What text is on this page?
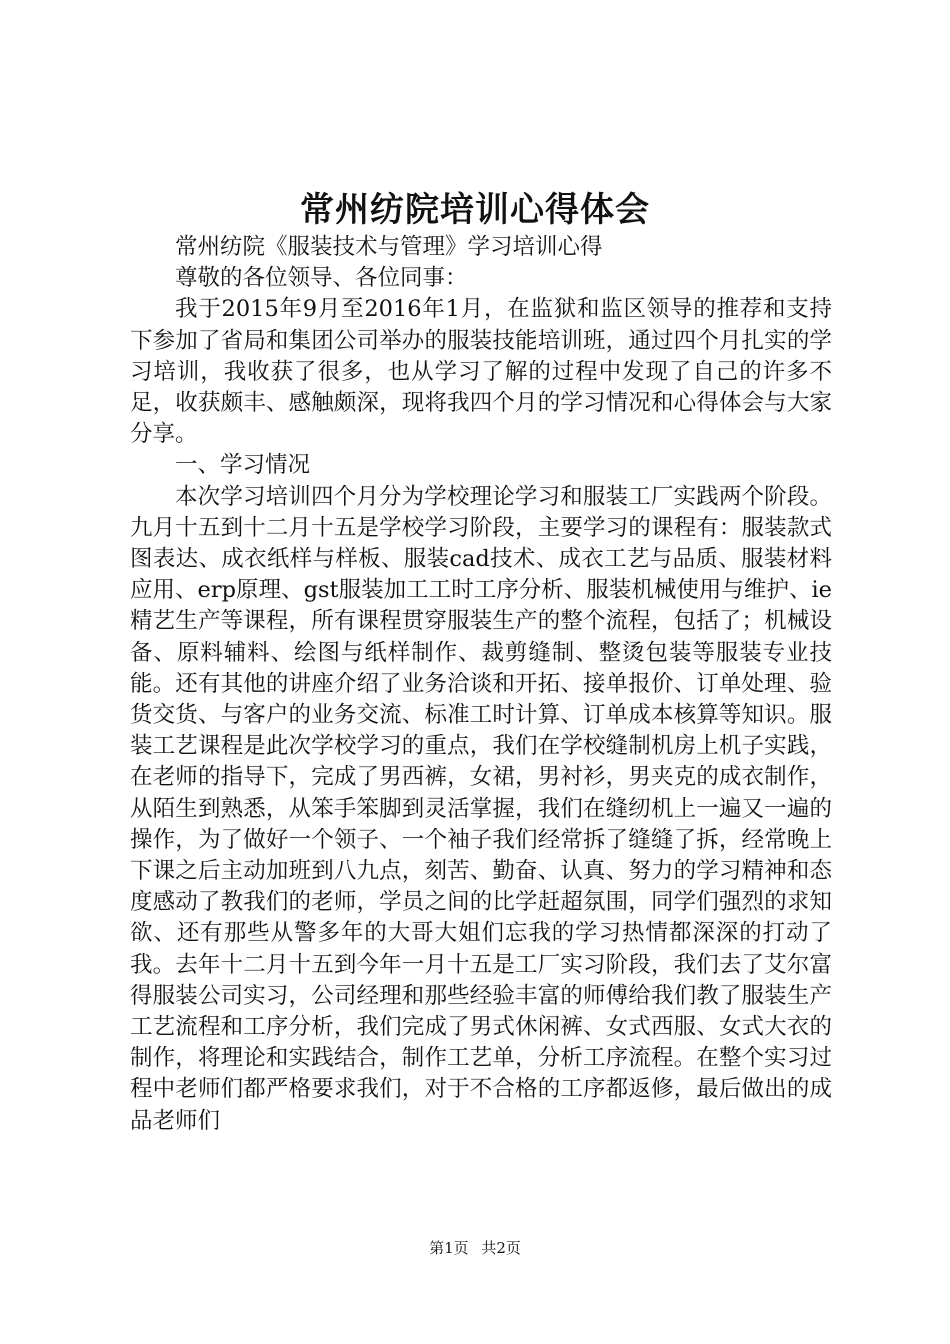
常州纺院培训心得体会

常州纺院《服装技术与管理》学习培训心得

尊敬的各位领导、各位同事：

我于2015年9月至2016年1月，在监狱和监区领导的推荐和支持下参加了省局和集团公司举办的服装技能培训班，通过四个月扎实的学习培训，我收获了很多，也从学习了解的过程中发现了自己的许多不足，收获颇丰、感触颇深，现将我四个月的学习情况和心得体会与大家分享。

一、学习情况

本次学习培训四个月分为学校理论学习和服装工厂实践两个阶段。九月十五到十二月十五是学校学习阶段，主要学习的课程有：服装款式图表达、成衣纸样与样板、服装cad技术、成衣工艺与品质、服装材料应用、erp原理、gst服装加工工时工序分析、服装机械使用与维护、ie精艺生产等课程，所有课程贯穿服装生产的整个流程，包括了；机械设备、原料辅料、绘图与纸样制作、裁剪缝制、整烫包装等服装专业技能。还有其他的讲座介绍了业务洽谈和开拓、接单报价、订单处理、验货交货、与客户的业务交流、标准工时计算、订单成本核算等知识。服装工艺课程是此次学校学习的重点，我们在学校缝制机房上机子实践，在老师的指导下，完成了男西裤，女裙，男衬衫，男夹克的成衣制作，从陌生到熟悉，从笨手笨脚到灵活掌握，我们在缝纫机上一遍又一遍的操作，为了做好一个领子、一个袖子我们经常拆了缝缝了拆，经常晚上下课之后主动加班到八九点，刻苦、勤奋、认真、努力的学习精神和态度感动了教我们的老师，学员之间的比学赶超氛围，同学们强烈的求知欲、还有那些从警多年的大哥大姐们忘我的学习热情都深深的打动了我。去年十二月十五到今年一月十五是工厂实习阶段，我们去了艾尔富得服装公司实习，公司经理和那些经验丰富的师傅给我们教了服装生产工艺流程和工序分析，我们完成了男式休闲裤、女式西服、女式大衣的制作，将理论和实践结合，制作工艺单，分析工序流程。在整个实习过程中老师们都严格要求我们，对于不合格的工序都返修，最后做出的成品老师们

第1页 共2页
